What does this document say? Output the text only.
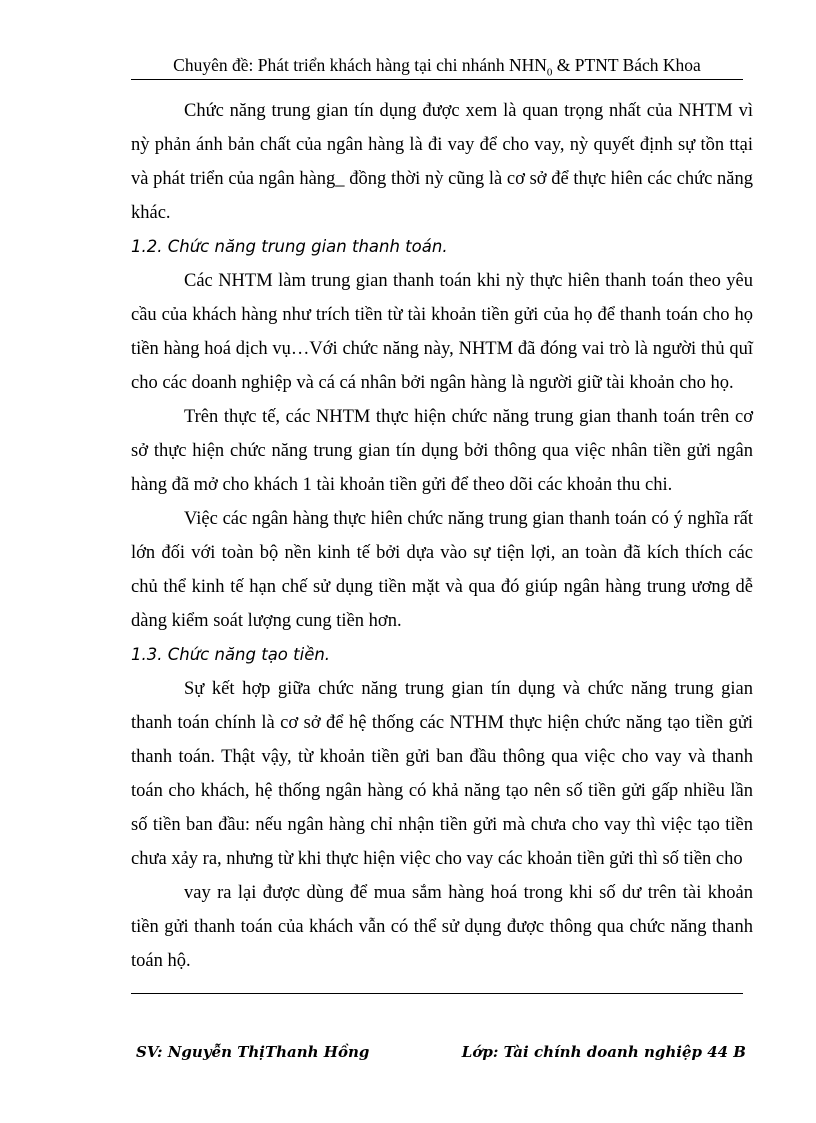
Chuyên đề: Phát triển khách hàng tại chi nhánh $NHN_0$ & PTNT Bách Khoa

Chức năng trung gian tín dụng được xem là quan trọng nhất của NHTM vì nỳ phản ánh bản chất của ngân hàng là đi vay để cho vay, nỳ quyết định sự tồn ttại và phát triển của ngân hàng_ đồng thời nỳ cũng là cơ sở để thực hiên các chức năng khác.

1.2. Chức năng trung gian thanh toán.

Các NHTM làm trung gian thanh toán khi nỳ thực hiên thanh toán theo yêu cầu của khách hàng như trích tiền từ tài khoản tiền gửi của họ để thanh toán cho họ tiền hàng hoá dịch vụ…Với chức năng này, NHTM đã đóng vai trò là người thủ quĩ cho các doanh nghiệp và cá cá nhân bởi ngân hàng là người giữ tài khoản cho họ.

Trên thực tế, các NHTM thực hiện chức năng trung gian thanh toán trên cơ sở thực hiện chức năng trung gian tín dụng bởi thông qua việc nhân tiền gửi ngân hàng đã mở cho khách 1 tài khoản tiền gửi để theo dõi các khoản thu chi.

Việc các ngân hàng thực hiên chức năng trung gian thanh toán có ý nghĩa rất lớn đối với toàn bộ nền kinh tế bởi dựa vào sự tiện lợi, an toàn đã kích thích các chủ thể kinh tế hạn chế sử dụng tiền mặt và qua đó giúp ngân hàng trung ương dễ dàng kiểm soát lượng cung tiền hơn.

1.3. Chức năng tạo tiền.

Sự kết hợp giữa chức năng trung gian tín dụng và chức năng trung gian thanh toán chính là cơ sở để hệ thống các NTHM thực hiện chức năng tạo tiền gửi thanh toán. Thật vậy, từ khoản tiền gửi ban đầu thông qua việc cho vay và thanh toán cho khách, hệ thống ngân hàng có khả năng tạo nên số tiền gửi gấp nhiều lần số tiền ban đầu: nếu ngân hàng chỉ nhận tiền gửi mà chưa cho vay thì việc tạo tiền chưa xảy ra, nhưng từ khi thực hiện việc cho vay các khoản tiền gửi thì số tiền cho

vay ra lại được dùng để mua sắm hàng hoá trong khi số dư trên tài khoản tiền gửi thanh toán của khách vẫn có thể sử dụng được thông qua chức năng thanh toán hộ.

SV: Nguyễn ThịThanh Hồng	Lớp: Tài chính doanh nghiệp 44 B
